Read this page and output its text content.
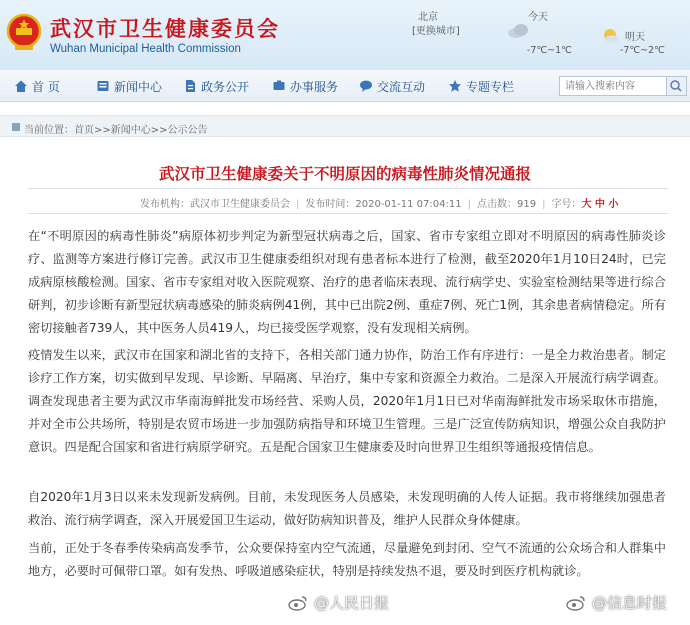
武汉市卫生健康委员会
Wuhan Municipal Health Commission
北京
[更换城市]
今天
-7℃~1℃
明天
-7℃~2℃
首 页	新闻中心	政务公开	办事服务	交流互动	专题专栏
请输入搜索内容
当前位置：首页>>新闻中心>>公示公告
武汉市卫生健康委关于不明原因的病毒性肺炎情况通报
发布机构：武汉市卫生健康委员会 | 发布时间：2020-01-11 07:04:11 | 点击数：919 | 字号：大 中 小

在“不明原因的病毒性肺炎”病原体初步判定为新型冠状病毒之后，国家、省市专家组立即对不明原因的病毒性肺炎诊疗、监测等方案进行修订完善。武汉市卫生健康委组织对现有患者标本进行了检测，截至2020年1月10日24时，已完成病原核酸检测。国家、省市专家组对收入医院观察、治疗的患者临床表现、流行病学史、实验室检测结果等进行综合研判，初步诊断有新型冠状病毒感染的肺炎病例41例，其中已出院2例、重症7例、死亡1例，其余患者病情稳定。所有密切接触者739人，其中医务人员419人，均已接受医学观察，没有发现相关病例。

疫情发生以来，武汉市在国家和湖北省的支持下，各相关部门通力协作，防治工作有序进行：一是全力救治患者。制定诊疗工作方案，切实做到早发现、早诊断、早隔离、早治疗，集中专家和资源全力救治。二是深入开展流行病学调查。调查发现患者主要为武汉市华南海鲜批发市场经营、采购人员，2020年1月1日已对华南海鲜批发市场采取休市措施，并对全市公共场所，特别是农贸市场进一步加强防病指导和环境卫生管理。三是广泛宣传防病知识，增强公众自我防护意识。四是配合国家和省进行病原学研究。五是配合国家卫生健康委及时向世界卫生组织等通报疫情信息。

自2020年1月3日以来未发现新发病例。目前，未发现医务人员感染，未发现明确的人传人证据。我市将继续加强患者救治、流行病学调查，深入开展爱国卫生运动，做好防病知识普及，维护人民群众身体健康。

当前，正处于冬春季传染病高发季节，公众要保持室内空气流通，尽量避免到封闭、空气不流通的公众场合和人群集中地方，必要时可佩带口罩。如有发热、呼吸道感染症状，特别是持续发热不退，要及时到医疗机构就诊。

@人民日报	@信息时报
